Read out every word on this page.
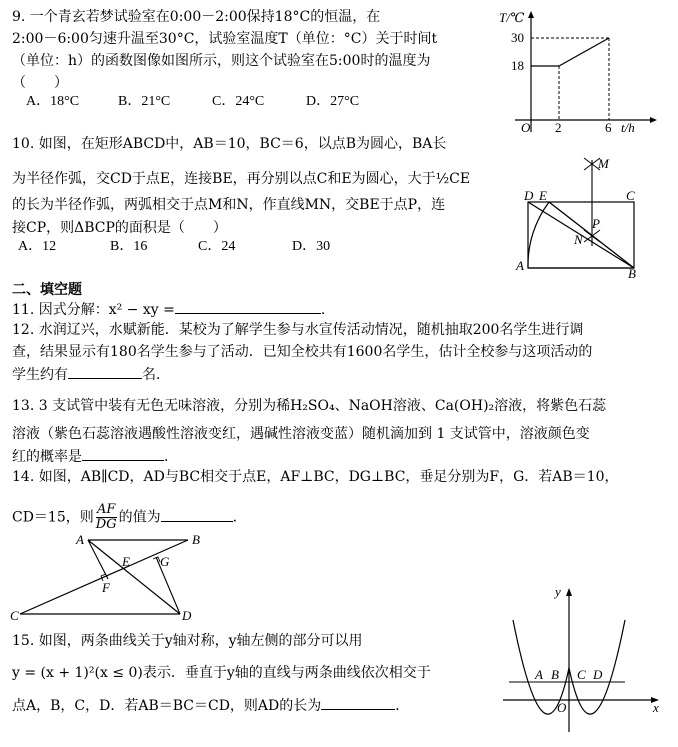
9. 一个青玄若梦试验室在0:00－2:00保持18°C的恒温，在
2:00－6:00匀速升温至30°C，试验室温度T（单位：°C）关于时间t
（单位：h）的函数图像如图所示，则这个试验室在5:00时的温度为
（　　）
A．18°C	B．21°C	C．24°C	D．27°C
T/℃
30
18
O 2	6 t/h
10. 如图，在矩形ABCD中，AB＝10，BC＝6，以点B为圆心，BA长
为半径作弧，交CD于点E，连接BE，再分别以点C和E为圆心，大于½CE
的长为半径作弧，两弧相交于点M和N，作直线MN，交BE于点P，连
接CP，则ΔBCP的面积是（　　）
A．12	B．16	C．24	D．30
M
D E	C
P
N
A
B
二、填空题
11. 因式分解：x² − xy =	.
12. 水润辽兴，水赋新能．某校为了解学生参与水宣传活动情况，随机抽取200名学生进行调
查，结果显示有180名学生参与了活动．已知全校共有1600名学生，估计全校参与这项活动的
学生约有	名．
13. 3 支试管中装有无色无味溶液，分别为稀H₂SO₄、NaOH溶液、Ca(OH)₂溶液，将紫色石蕊
溶液（紫色石蕊溶液遇酸性溶液变红，遇碱性溶液变蓝）随机滴加到 1 支试管中，溶液颜色变
红的概率是	．
14. 如图，AB∥CD，AD与BC相交于点E，AF⊥BC，DG⊥BC，垂足分别为F，G．若AB＝10，
CD＝15，则 $\frac{AF}{DG}$ 的值为	．
A	B
E G
F
C	D
15. 如图，两条曲线关于y轴对称，y轴左侧的部分可以用
y = (x + 1)²(x ≤ 0)表示．垂直于y轴的直线与两条曲线依次相交于
点A，B，C，D．若AB＝BC＝CD，则AD的长为	．
y
x
O
A B C D
